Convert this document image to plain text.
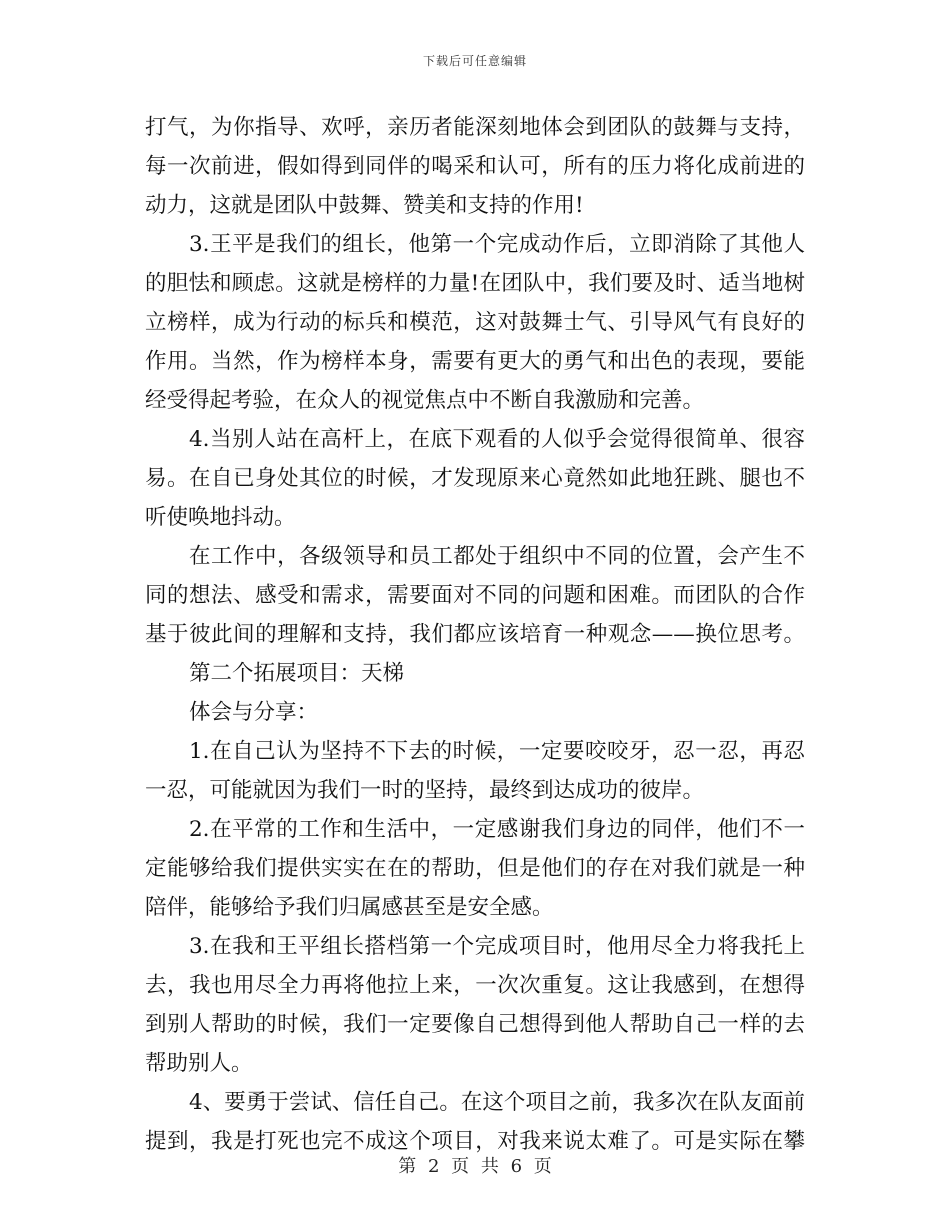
下载后可任意编辑
打气，为你指导、欢呼，亲历者能深刻地体会到团队的鼓舞与支持，
每一次前进，假如得到同伴的喝采和认可，所有的压力将化成前进的
动力，这就是团队中鼓舞、赞美和支持的作用!
3.王平是我们的组长，他第一个完成动作后，立即消除了其他人
的胆怯和顾虑。这就是榜样的力量!在团队中，我们要及时、适当地树
立榜样，成为行动的标兵和模范，这对鼓舞士气、引导风气有良好的
作用。当然，作为榜样本身，需要有更大的勇气和出色的表现，要能
经受得起考验，在众人的视觉焦点中不断自我激励和完善。
4.当别人站在高杆上，在底下观看的人似乎会觉得很简单、很容
易。在自已身处其位的时候，才发现原来心竟然如此地狂跳、腿也不
听使唤地抖动。
在工作中，各级领导和员工都处于组织中不同的位置，会产生不
同的想法、感受和需求，需要面对不同的问题和困难。而团队的合作
基于彼此间的理解和支持，我们都应该培育一种观念——换位思考。
第二个拓展项目：天梯
体会与分享：
1.在自己认为坚持不下去的时候，一定要咬咬牙，忍一忍，再忍
一忍，可能就因为我们一时的坚持，最终到达成功的彼岸。
2.在平常的工作和生活中，一定感谢我们身边的同伴，他们不一
定能够给我们提供实实在在的帮助，但是他们的存在对我们就是一种
陪伴，能够给予我们归属感甚至是安全感。
3.在我和王平组长搭档第一个完成项目时，他用尽全力将我托上
去，我也用尽全力再将他拉上来，一次次重复。这让我感到，在想得
到别人帮助的时候，我们一定要像自己想得到他人帮助自己一样的去
帮助别人。
4、要勇于尝试、信任自己。在这个项目之前，我多次在队友面前
提到，我是打死也完不成这个项目，对我来说太难了。可是实际在攀
第 2 页 共 6 页
